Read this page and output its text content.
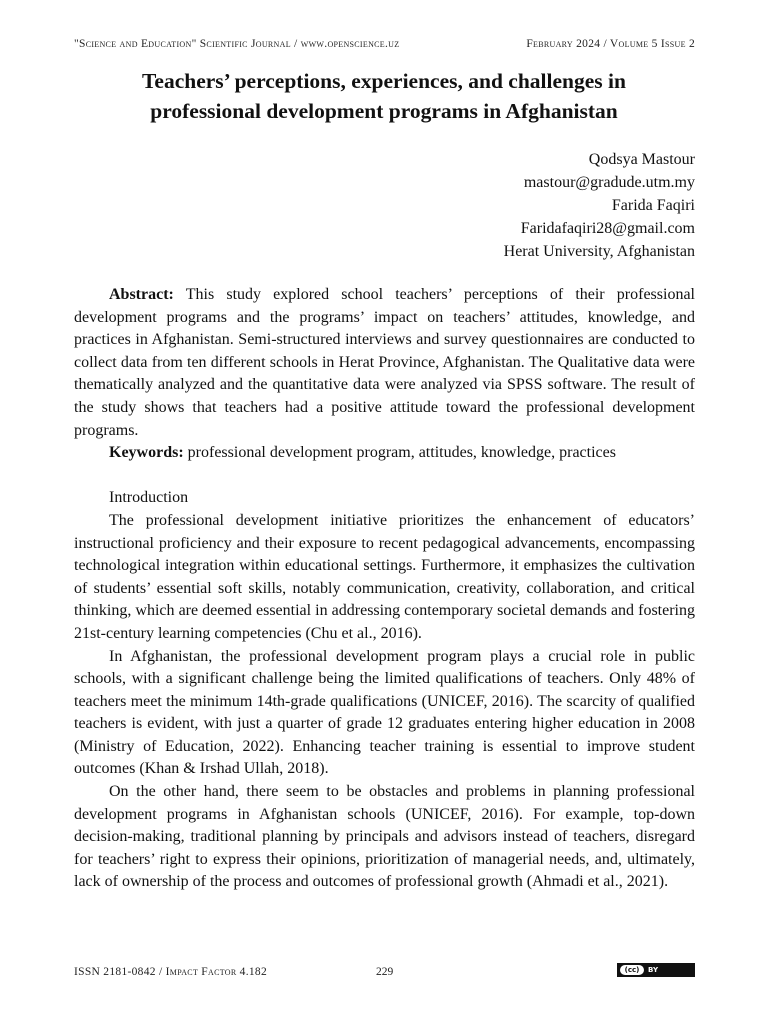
"Science and Education" Scientific Journal / www.openscience.uz	February 2024 / Volume 5 Issue 2
Teachers’ perceptions, experiences, and challenges in
professional development programs in Afghanistan
Qodsya Mastour
mastour@gradude.utm.my
Farida Faqiri
Faridafaqiri28@gmail.com
Herat University, Afghanistan

Abstract: This study explored school teachers’ perceptions of their professional development programs and the programs’ impact on teachers’ attitudes, knowledge, and practices in Afghanistan. Semi-structured interviews and survey questionnaires are conducted to collect data from ten different schools in Herat Province, Afghanistan. The Qualitative data were thematically analyzed and the quantitative data were analyzed via SPSS software. The result of the study shows that teachers had a positive attitude toward the professional development programs.

Keywords: professional development program, attitudes, knowledge, practices

Introduction

The professional development initiative prioritizes the enhancement of educators’ instructional proficiency and their exposure to recent pedagogical advancements, encompassing technological integration within educational settings. Furthermore, it emphasizes the cultivation of students’ essential soft skills, notably communication, creativity, collaboration, and critical thinking, which are deemed essential in addressing contemporary societal demands and fostering 21st-century learning competencies (Chu et al., 2016).

In Afghanistan, the professional development program plays a crucial role in public schools, with a significant challenge being the limited qualifications of teachers. Only 48% of teachers meet the minimum 14th-grade qualifications (UNICEF, 2016). The scarcity of qualified teachers is evident, with just a quarter of grade 12 graduates entering higher education in 2008 (Ministry of Education, 2022). Enhancing teacher training is essential to improve student outcomes (Khan & Irshad Ullah, 2018).

On the other hand, there seem to be obstacles and problems in planning professional development programs in Afghanistan schools (UNICEF, 2016). For example, top-down decision-making, traditional planning by principals and advisors instead of teachers, disregard for teachers’ right to express their opinions, prioritization of managerial needs, and, ultimately, lack of ownership of the process and outcomes of professional growth (Ahmadi et al., 2021).

ISSN 2181-0842 / Impact Factor 4.182	229	(cc)	BY
